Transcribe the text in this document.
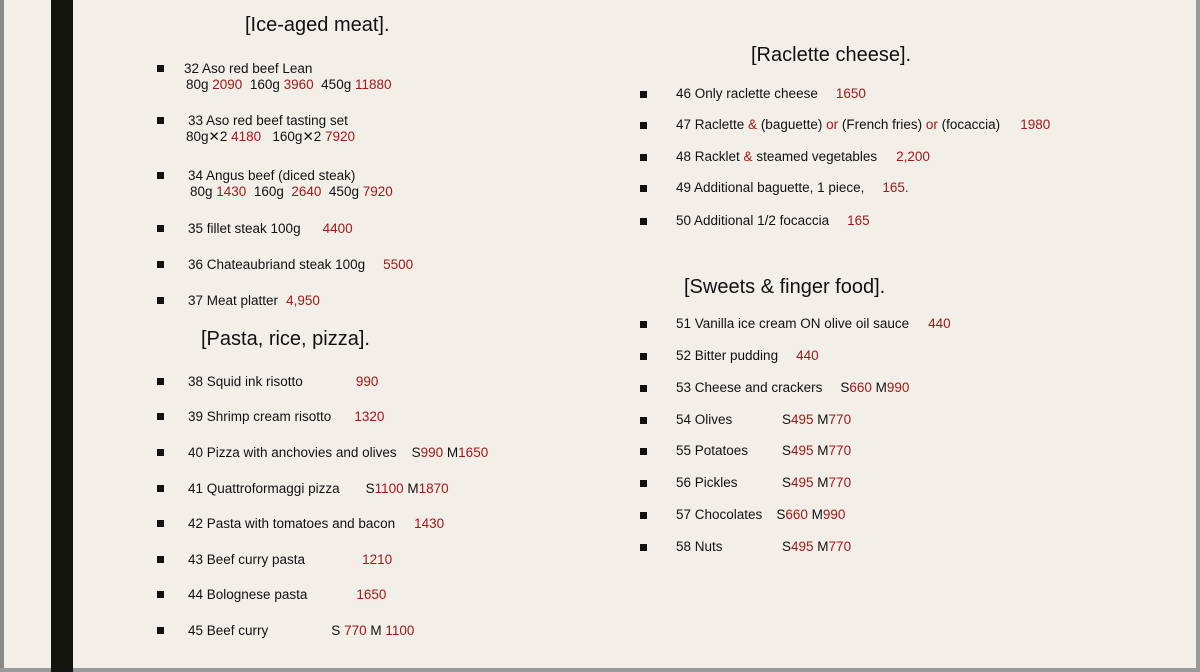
[Ice-aged meat].
32 Aso red beef Lean
80g 2090  160g 3960  450g 11880
33 Aso red beef tasting set
80g✕2 4180   160g✕2 7920
34 Angus beef (diced steak)
80g 1430  160g  2640  450g 7920
35 fillet steak 100g 4400
36 Chateaubriand steak 100g 5500
37 Meat platter 4,950
[Pasta, rice, pizza].
38 Squid ink risotto	990
39 Shrimp cream risotto 1320
40 Pizza with anchovies and olives S990 M1650
41 Quattroformaggi pizza S1100 M1870
42 Pasta with tomatoes and bacon 1430
43 Beef curry pasta	1210
44 Bolognese pasta	1650
45 Beef curry	S 770 M 1100
[Raclette cheese].
46 Only raclette cheese 1650
47 Raclette & (baguette) or (French fries) or (focaccia) 1980
48 Racklet & steamed vegetables 2,200
49 Additional baguette, 1 piece, 165.
50 Additional 1/2 focaccia 165
[Sweets & finger food].
51 Vanilla ice cream ON olive oil sauce 440
52 Bitter pudding 440
53 Cheese and crackers S660 M990
54 Olives	S495 M770
55 Potatoes	S495 M770
56 Pickles	S495 M770
57 Chocolates S660 M990
58 Nuts	S495 M770
